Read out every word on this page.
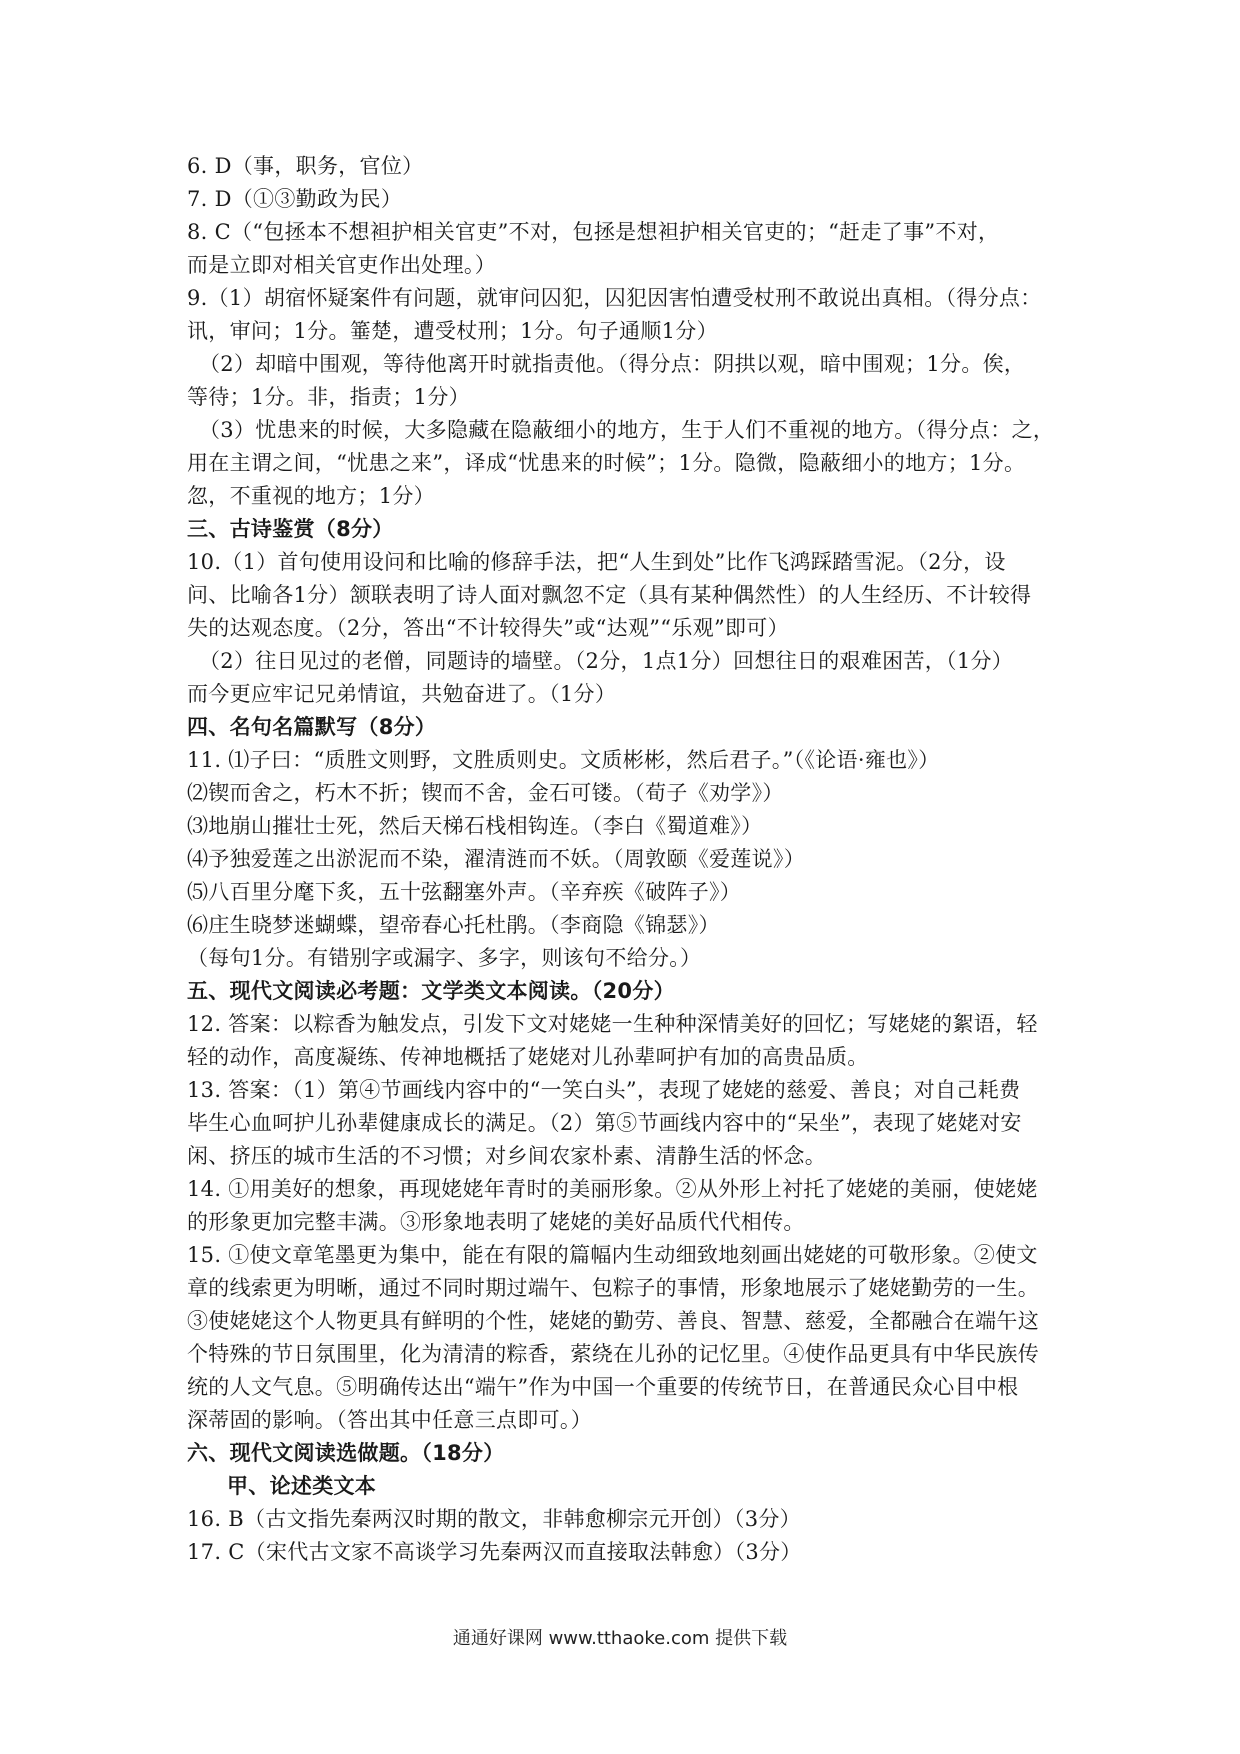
6. D（事，职务，官位）
7. D（①③勤政为民）
8. C（“包拯本不想袒护相关官吏”不对，包拯是想袒护相关官吏的；“赶走了事”不对，
而是立即对相关官吏作出处理。）
9.（1）胡宿怀疑案件有问题，就审问囚犯，囚犯因害怕遭受杖刑不敢说出真相。（得分点：
讯，审问；1分。箠楚，遭受杖刑；1分。句子通顺1分）
（2）却暗中围观，等待他离开时就指责他。（得分点：阴拱以观，暗中围观；1分。俟，
等待；1分。非，指责；1分）
（3）忧患来的时候，大多隐藏在隐蔽细小的地方，生于人们不重视的地方。（得分点：之，
用在主谓之间，“忧患之来”，译成“忧患来的时候”；1分。隐微，隐蔽细小的地方；1分。
忽，不重视的地方；1分）
三、古诗鉴赏（8分）
10.（1）首句使用设问和比喻的修辞手法，把“人生到处”比作飞鸿踩踏雪泥。（2分，设
问、比喻各1分）颔联表明了诗人面对飘忽不定（具有某种偶然性）的人生经历、不计较得
失的达观态度。（2分，答出“不计较得失”或“达观”“乐观”即可）
（2）往日见过的老僧，同题诗的墙壁。（2分，1点1分）回想往日的艰难困苦，（1分）
而今更应牢记兄弟情谊，共勉奋进了。（1分）
四、名句名篇默写（8分）
11. ⑴子曰：“质胜文则野，文胜质则史。文质彬彬，然后君子。”（《论语·雍也》）
⑵锲而舍之，朽木不折；锲而不舍，金石可镂。（荀子《劝学》）
⑶地崩山摧壮士死，然后天梯石栈相钩连。（李白《蜀道难》）
⑷予独爱莲之出淤泥而不染，濯清涟而不妖。（周敦颐《爱莲说》）
⑸八百里分麾下炙，五十弦翻塞外声。（辛弃疾《破阵子》）
⑹庄生晓梦迷蝴蝶，望帝春心托杜鹃。（李商隐《锦瑟》）
（每句1分。有错别字或漏字、多字，则该句不给分。）
五、现代文阅读必考题：文学类文本阅读。（20分）
12. 答案：以粽香为触发点，引发下文对姥姥一生种种深情美好的回忆；写姥姥的絮语，轻
轻的动作，高度凝练、传神地概括了姥姥对儿孙辈呵护有加的高贵品质。
13. 答案：（1）第④节画线内容中的“一笑白头”，表现了姥姥的慈爱、善良；对自己耗费
毕生心血呵护儿孙辈健康成长的满足。（2）第⑤节画线内容中的“呆坐”，表现了姥姥对安
闲、挤压的城市生活的不习惯；对乡间农家朴素、清静生活的怀念。
14. ①用美好的想象，再现姥姥年青时的美丽形象。②从外形上衬托了姥姥的美丽，使姥姥
的形象更加完整丰满。③形象地表明了姥姥的美好品质代代相传。
15. ①使文章笔墨更为集中，能在有限的篇幅内生动细致地刻画出姥姥的可敬形象。②使文
章的线索更为明晰，通过不同时期过端午、包粽子的事情，形象地展示了姥姥勤劳的一生。
③使姥姥这个人物更具有鲜明的个性，姥姥的勤劳、善良、智慧、慈爱，全都融合在端午这
个特殊的节日氛围里，化为清清的粽香，萦绕在儿孙的记忆里。④使作品更具有中华民族传
统的人文气息。⑤明确传达出“端午”作为中国一个重要的传统节日，在普通民众心目中根
深蒂固的影响。（答出其中任意三点即可。）
六、现代文阅读选做题。（18分）
甲、论述类文本
16. B（古文指先秦两汉时期的散文，非韩愈柳宗元开创）（3分）
17. C（宋代古文家不高谈学习先秦两汉而直接取法韩愈）（3分）
通通好课网 www.tthaoke.com 提供下载
